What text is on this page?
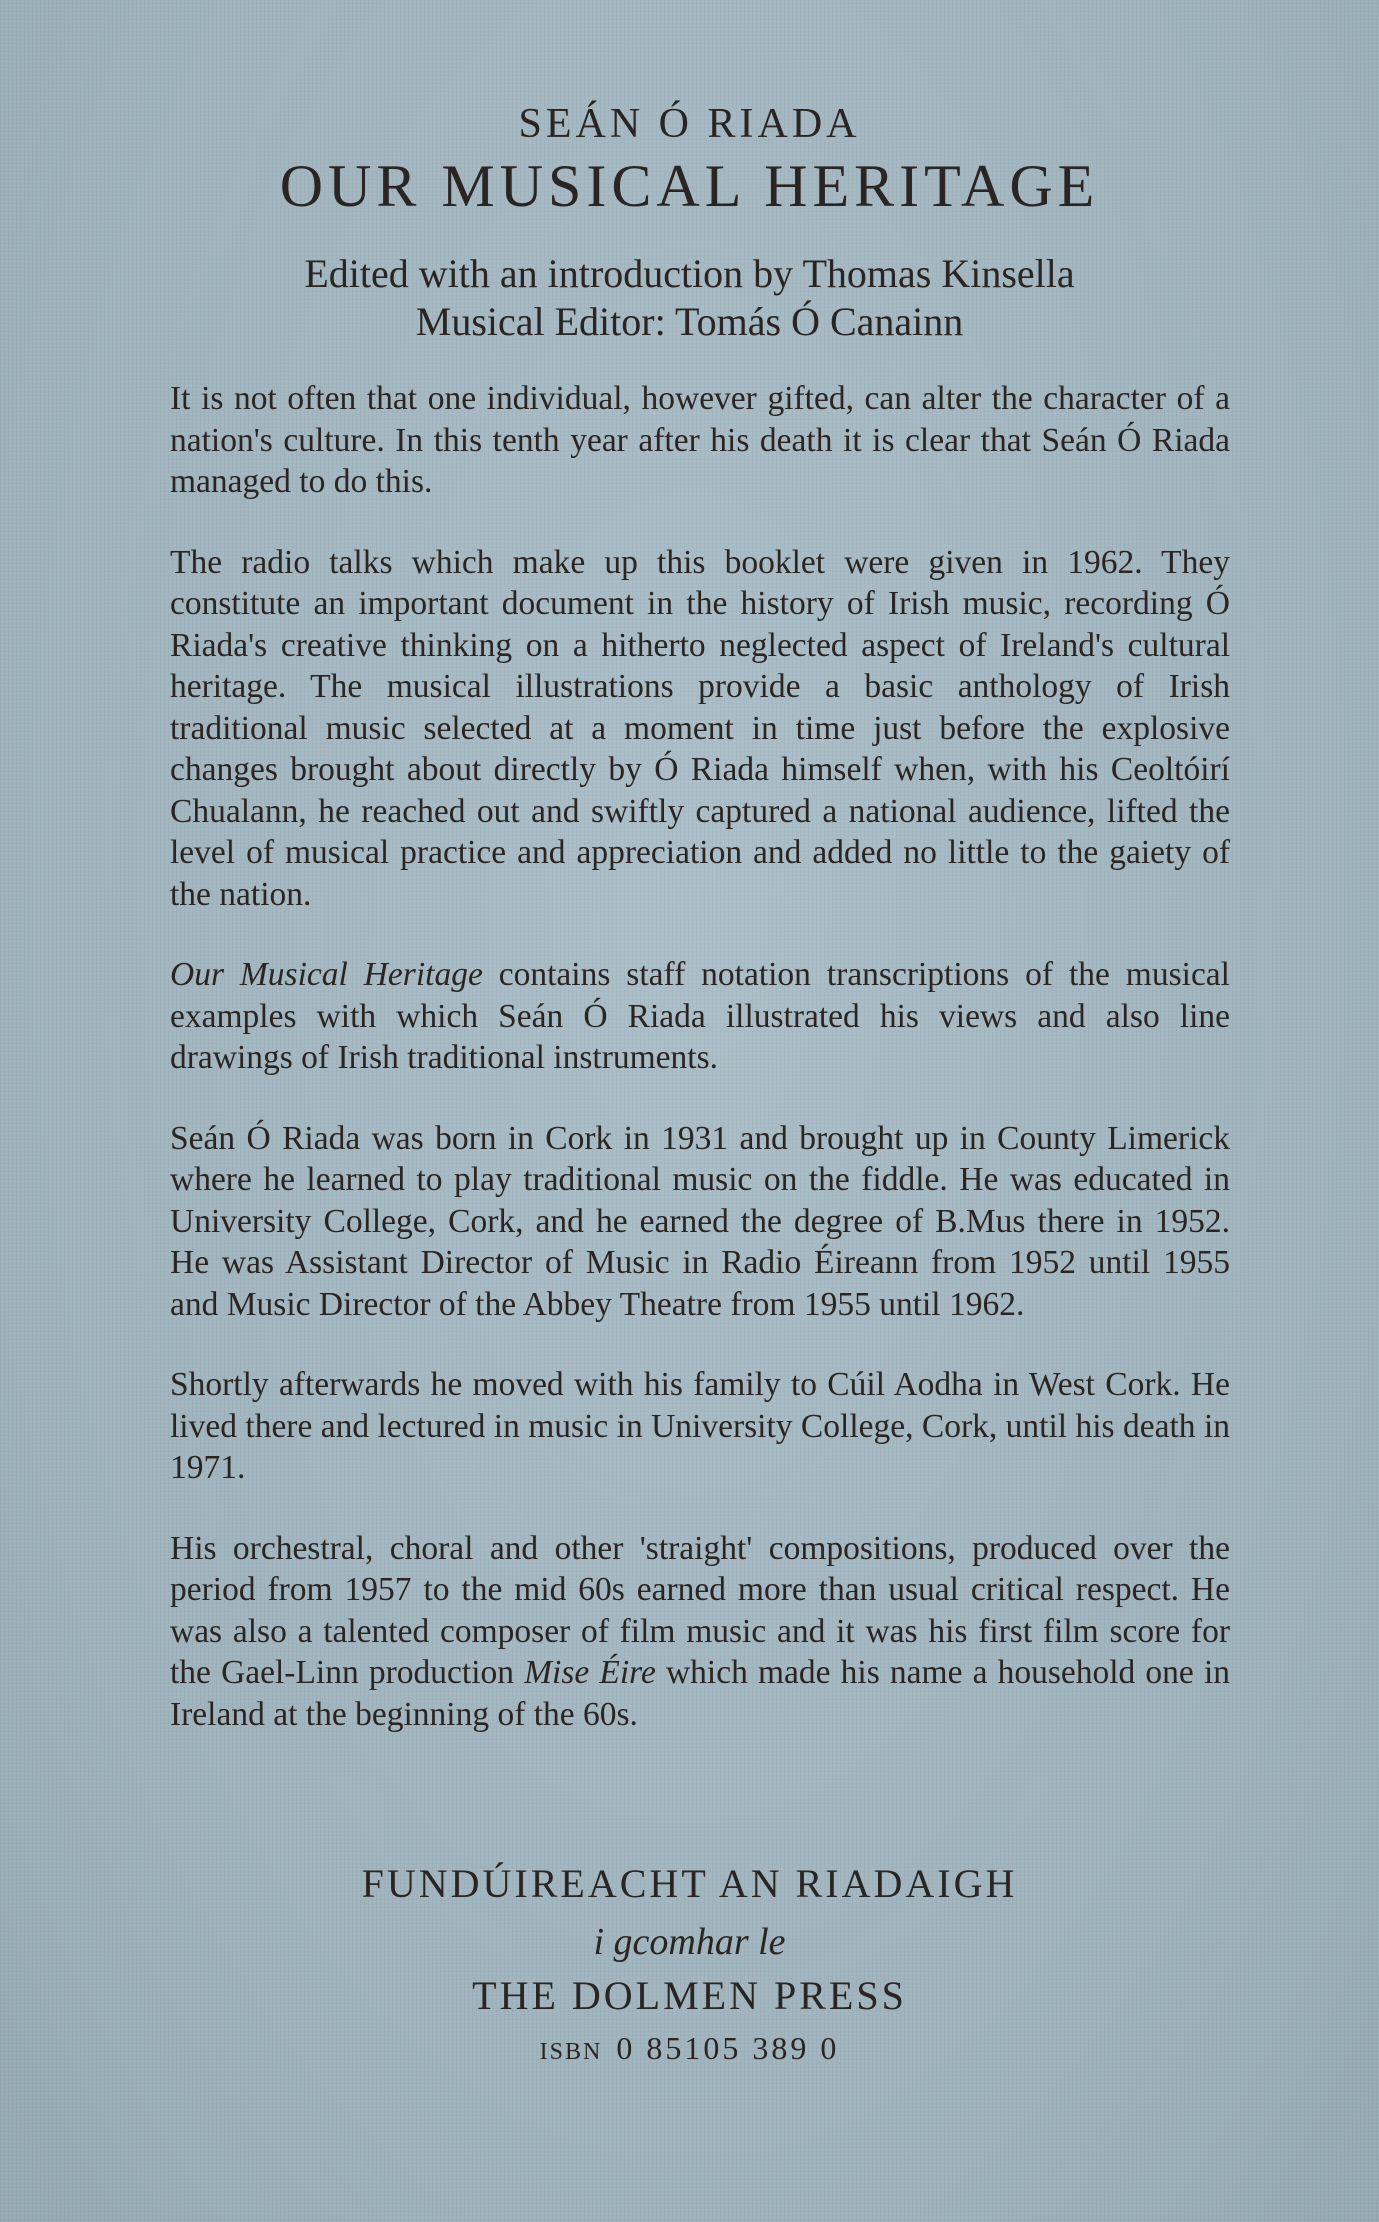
SEÁN Ó RIADA
OUR MUSICAL HERITAGE
Edited with an introduction by Thomas Kinsella
Musical Editor: Tomás Ó Canainn

It is not often that one individual, however gifted, can alter the character of a nation's culture. In this tenth year after his death it is clear that Seán Ó Riada managed to do this.

The radio talks which make up this booklet were given in 1962. They constitute an important document in the history of Irish music, recording Ó Riada's creative thinking on a hitherto neglected aspect of Ireland's cultural heritage. The musical illustrations provide a basic anthology of Irish traditional music selected at a moment in time just before the explosive changes brought about directly by Ó Riada himself when, with his Ceoltóirí Chualann, he reached out and swiftly captured a national audience, lifted the level of musical practice and appreciation and added no little to the gaiety of the nation.

Our Musical Heritage contains staff notation transcriptions of the musical examples with which Seán Ó Riada illustrated his views and also line drawings of Irish traditional instruments.

Seán Ó Riada was born in Cork in 1931 and brought up in County Limerick where he learned to play traditional music on the fiddle. He was educated in University College, Cork, and he earned the degree of B.Mus there in 1952. He was Assistant Director of Music in Radio Éireann from 1952 until 1955 and Music Director of the Abbey Theatre from 1955 until 1962.

Shortly afterwards he moved with his family to Cúil Aodha in West Cork. He lived there and lectured in music in University College, Cork, until his death in 1971.

His orchestral, choral and other 'straight' compositions, produced over the period from 1957 to the mid 60s earned more than usual critical respect. He was also a talented composer of film music and it was his first film score for the Gael-Linn production Mise Éire which made his name a household one in Ireland at the beginning of the 60s.

FUNDÚIREACHT AN RIADAIGH
i gcomhar le
THE DOLMEN PRESS
ISBN 0 85105 389 0
